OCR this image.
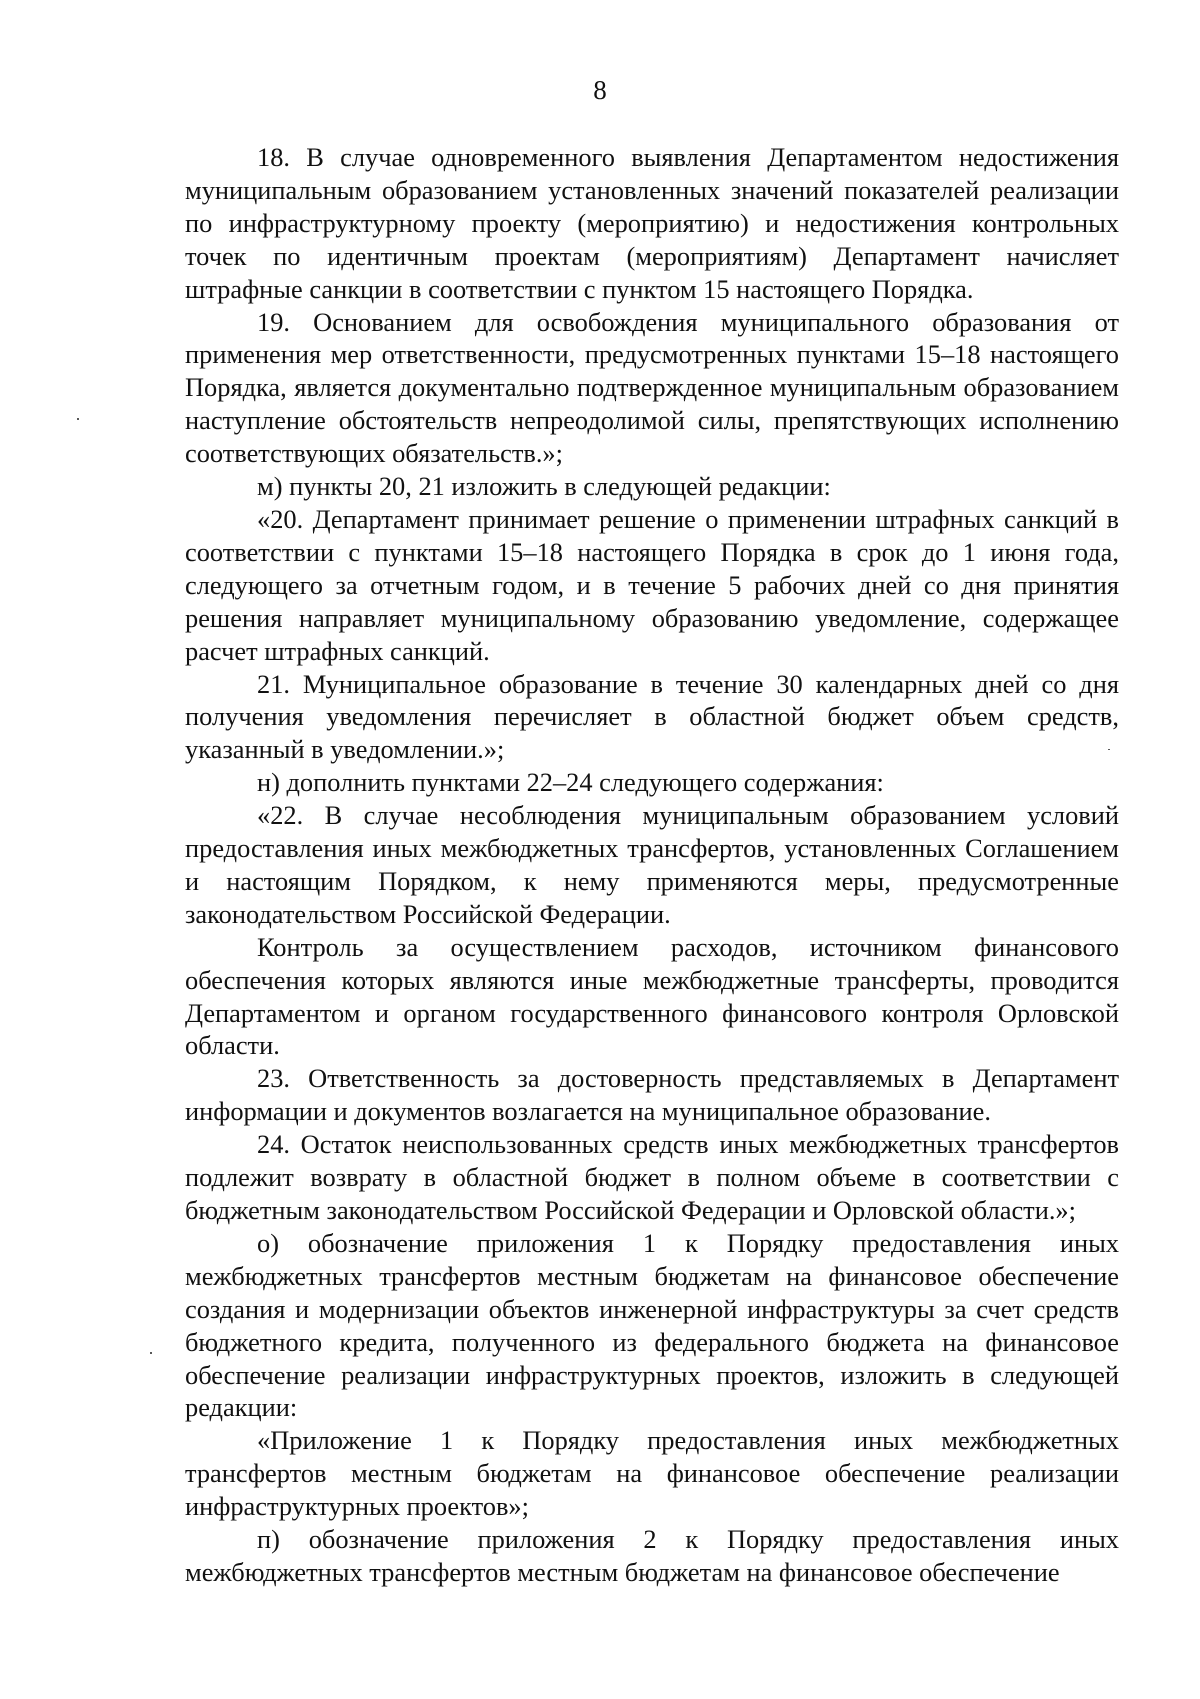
8

18. В случае одновременного выявления Департаментом недостижения муниципальным образованием установленных значений показателей реализации по инфраструктурному проекту (мероприятию) и недостижения контрольных точек по идентичным проектам (мероприятиям) Департамент начисляет штрафные санкции в соответствии с пунктом 15 настоящего Порядка.

19. Основанием для освобождения муниципального образования от применения мер ответственности, предусмотренных пунктами 15–18 настоящего Порядка, является документально подтвержденное муниципальным образованием наступление обстоятельств непреодолимой силы, препятствующих исполнению соответствующих обязательств.»;

м) пункты 20, 21 изложить в следующей редакции:

«20. Департамент принимает решение о применении штрафных санкций в соответствии с пунктами 15–18 настоящего Порядка в срок до 1 июня года, следующего за отчетным годом, и в течение 5 рабочих дней со дня принятия решения направляет муниципальному образованию уведомление, содержащее расчет штрафных санкций.

21. Муниципальное образование в течение 30 календарных дней со дня получения уведомления перечисляет в областной бюджет объем средств, указанный в уведомлении.»;

н) дополнить пунктами 22–24 следующего содержания:

«22. В случае несоблюдения муниципальным образованием условий предоставления иных межбюджетных трансфертов, установленных Соглашением и настоящим Порядком, к нему применяются меры, предусмотренные законодательством Российской Федерации.

Контроль за осуществлением расходов, источником финансового обеспечения которых являются иные межбюджетные трансферты, проводится Департаментом и органом государственного финансового контроля Орловской области.

23. Ответственность за достоверность представляемых в Департамент информации и документов возлагается на муниципальное образование.

24. Остаток неиспользованных средств иных межбюджетных трансфертов подлежит возврату в областной бюджет в полном объеме в соответствии с бюджетным законодательством Российской Федерации и Орловской области.»;

о) обозначение приложения 1 к Порядку предоставления иных межбюджетных трансфертов местным бюджетам на финансовое обеспечение создания и модернизации объектов инженерной инфраструктуры за счет средств бюджетного кредита, полученного из федерального бюджета на финансовое обеспечение реализации инфраструктурных проектов, изложить в следующей редакции:

«Приложение 1 к Порядку предоставления иных межбюджетных трансфертов местным бюджетам на финансовое обеспечение реализации инфраструктурных проектов»;

п) обозначение приложения 2 к Порядку предоставления иных межбюджетных трансфертов местным бюджетам на финансовое обеспечение
